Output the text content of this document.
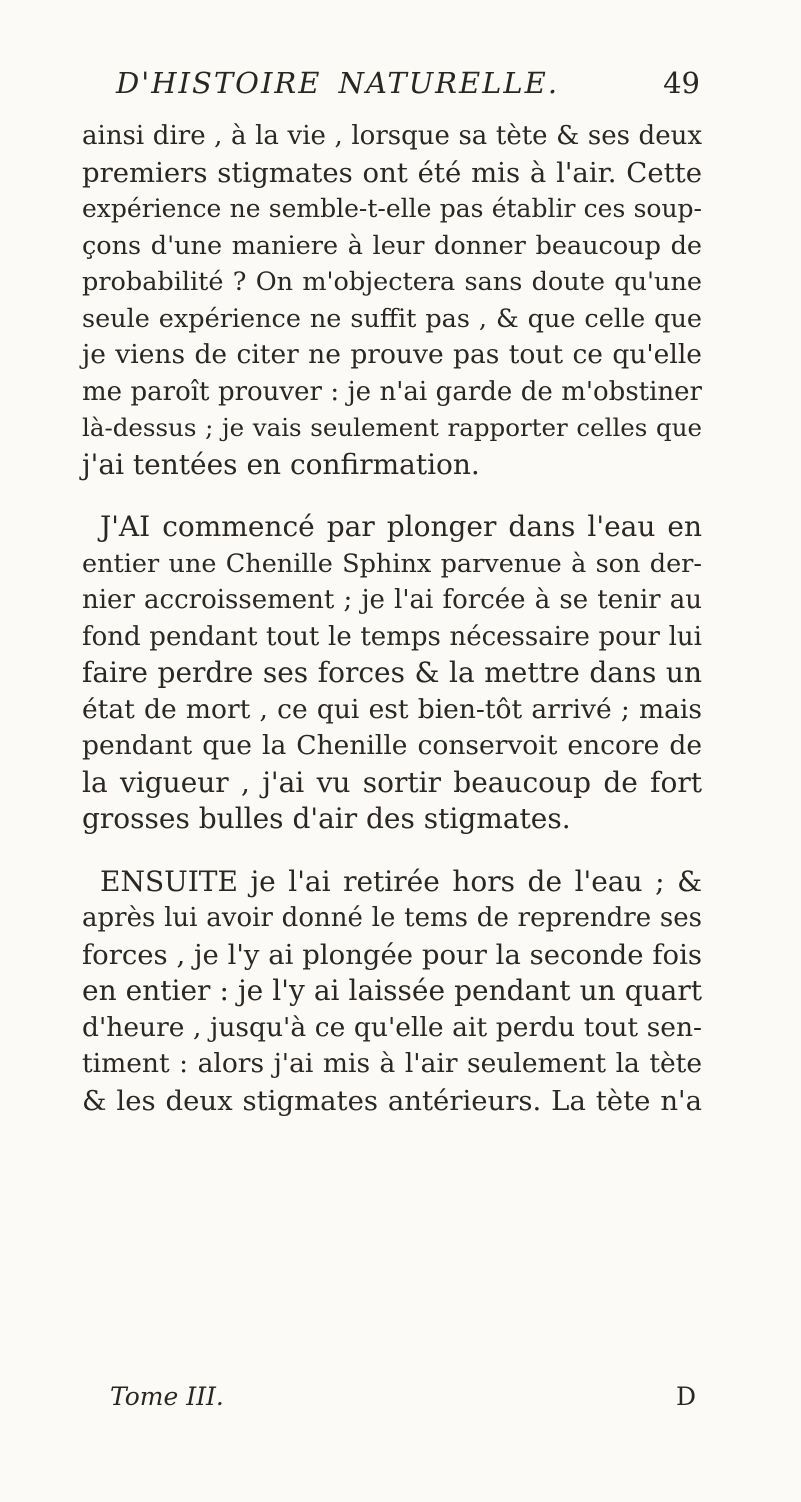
D'HISTOIRE NATURELLE.	49
ainsi dire , à la vie , lorsque sa tète & ses deux
premiers stigmates ont été mis à l'air. Cette
expérience ne semble-t-elle pas établir ces soup-
çons d'une maniere à leur donner beaucoup de
probabilité ? On m'objectera sans doute qu'une
seule expérience ne suffit pas , & que celle que
je viens de citer ne prouve pas tout ce qu'elle
me paroît prouver : je n'ai garde de m'obstiner
là-dessus ; je vais seulement rapporter celles que
j'ai tentées en confirmation.
J'AI commencé par plonger dans l'eau en
entier une Chenille Sphinx parvenue à son der-
nier accroissement ; je l'ai forcée à se tenir au
fond pendant tout le temps nécessaire pour lui
faire perdre ses forces & la mettre dans un
état de mort , ce qui est bien-tôt arrivé ; mais
pendant que la Chenille conservoit encore de
la vigueur , j'ai vu sortir beaucoup de fort
grosses bulles d'air des stigmates.
ENSUITE je l'ai retirée hors de l'eau ; &
après lui avoir donné le tems de reprendre ses
forces , je l'y ai plongée pour la seconde fois
en entier : je l'y ai laissée pendant un quart
d'heure , jusqu'à ce qu'elle ait perdu tout sen-
timent : alors j'ai mis à l'air seulement la tète
& les deux stigmates antérieurs. La tète n'a
Tome III.	D
